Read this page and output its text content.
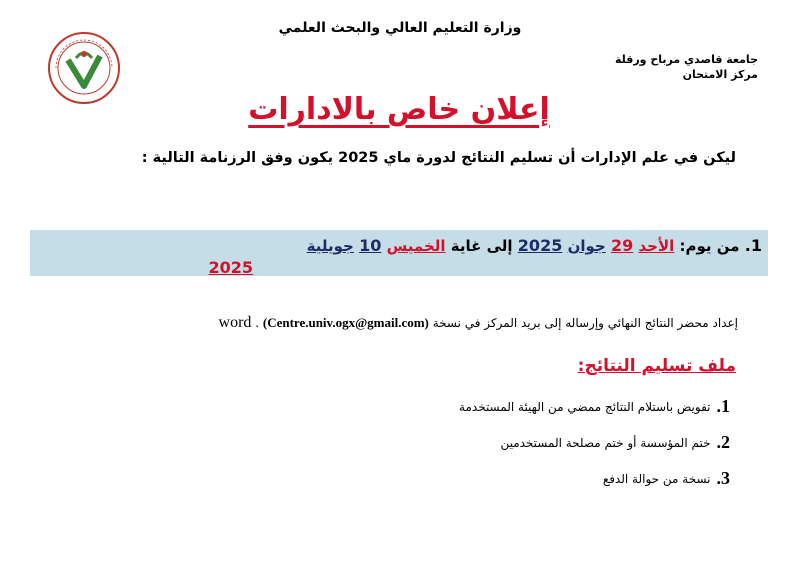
وزارة التعليم العالي والبحث العلمي
جامعة قاصدي مرباح ورقلة
مركز الامتحان
إعلان خاص بالادارات
ليكن في علم الإدارات أن تسليم النتائج لدورة ماي 2025 يكون وفق الرزنامة التالية :
1. من يوم: الأحد 29 جوان 2025 إلى غاية الخميس 10 جويلية
2025
إعداد محضر النتائج النهائي وإرساله إلى بريد المركز في نسخة word . (Centre.univ.ogx@gmail.com)
ملف تسليم النتائج:
1.
تفويض باستلام النتائج ممضي من الهيئة المستخدمة
2.
ختم المؤسسة أو ختم مصلحة المستخدمين
3.
نسخة من حوالة الدفع
